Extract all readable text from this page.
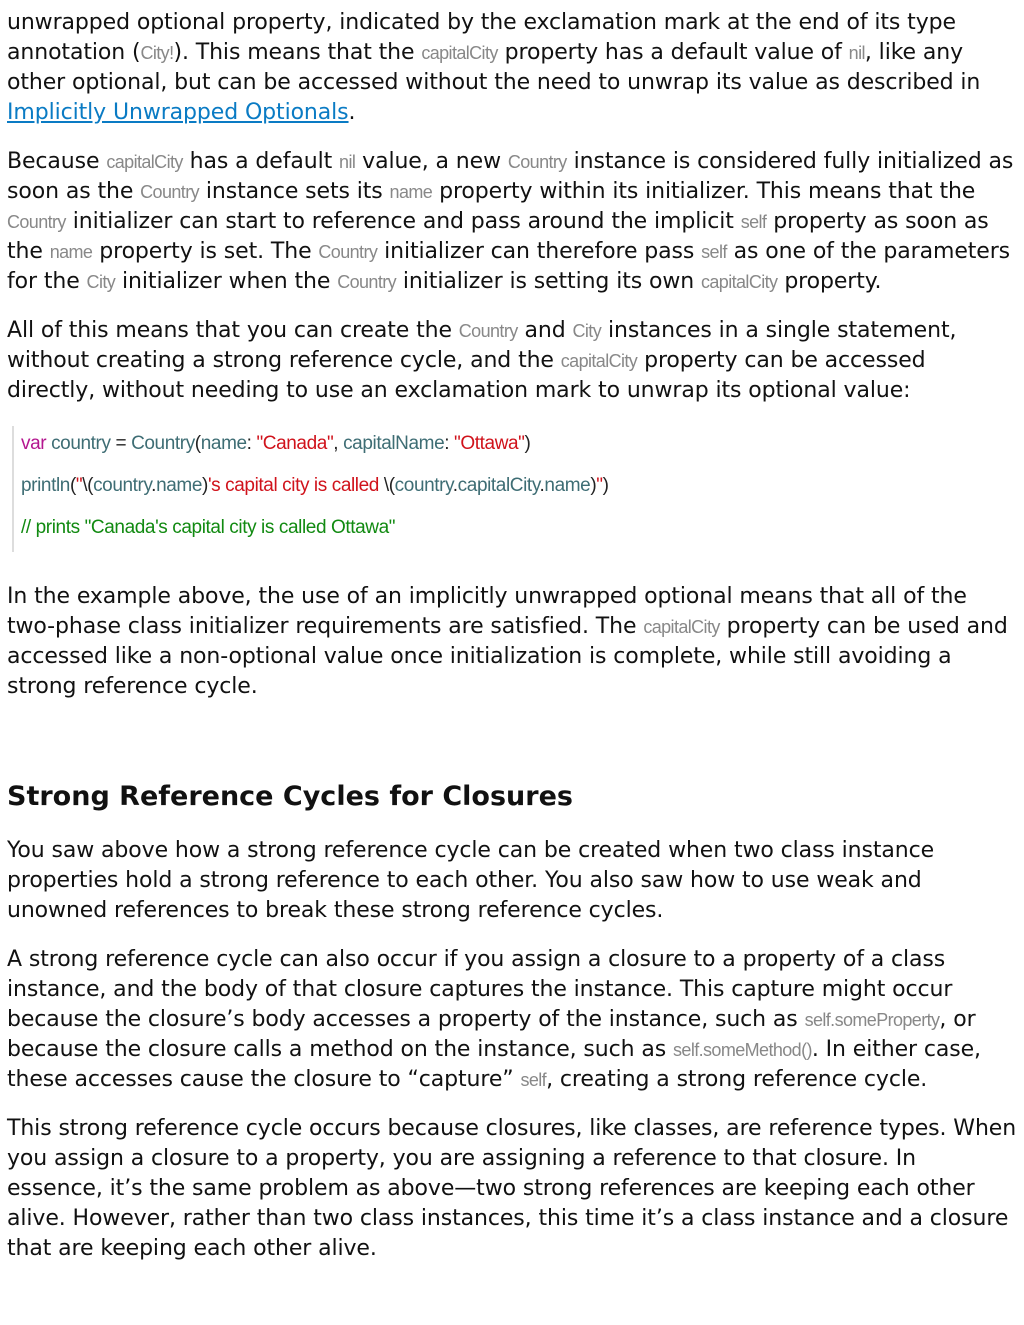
unwrapped optional property, indicated by the exclamation mark at the end of its type annotation (City!). This means that the capitalCity property has a default value of nil, like any other optional, but can be accessed without the need to unwrap its value as described in Implicitly Unwrapped Optionals.

Because capitalCity has a default nil value, a new Country instance is considered fully initialized as soon as the Country instance sets its name property within its initializer. This means that the Country initializer can start to reference and pass around the implicit self property as soon as the name property is set. The Country initializer can therefore pass self as one of the parameters for the City initializer when the Country initializer is setting its own capitalCity property.

All of this means that you can create the Country and City instances in a single statement, without creating a strong reference cycle, and the capitalCity property can be accessed directly, without needing to use an exclamation mark to unwrap its optional value:

var country = Country(name: "Canada", capitalName: "Ottawa")
println("\(country.name)'s capital city is called \(country.capitalCity.name)")
// prints "Canada's capital city is called Ottawa"

In the example above, the use of an implicitly unwrapped optional means that all of the two-phase class initializer requirements are satisfied. The capitalCity property can be used and accessed like a non-optional value once initialization is complete, while still avoiding a strong reference cycle.

Strong Reference Cycles for Closures

You saw above how a strong reference cycle can be created when two class instance properties hold a strong reference to each other. You also saw how to use weak and unowned references to break these strong reference cycles.

A strong reference cycle can also occur if you assign a closure to a property of a class instance, and the body of that closure captures the instance. This capture might occur because the closure’s body accesses a property of the instance, such as self.someProperty, or because the closure calls a method on the instance, such as self.someMethod(). In either case, these accesses cause the closure to “capture” self, creating a strong reference cycle.

This strong reference cycle occurs because closures, like classes, are reference types. When you assign a closure to a property, you are assigning a reference to that closure. In essence, it’s the same problem as above—two strong references are keeping each other alive. However, rather than two class instances, this time it’s a class instance and a closure that are keeping each other alive.
